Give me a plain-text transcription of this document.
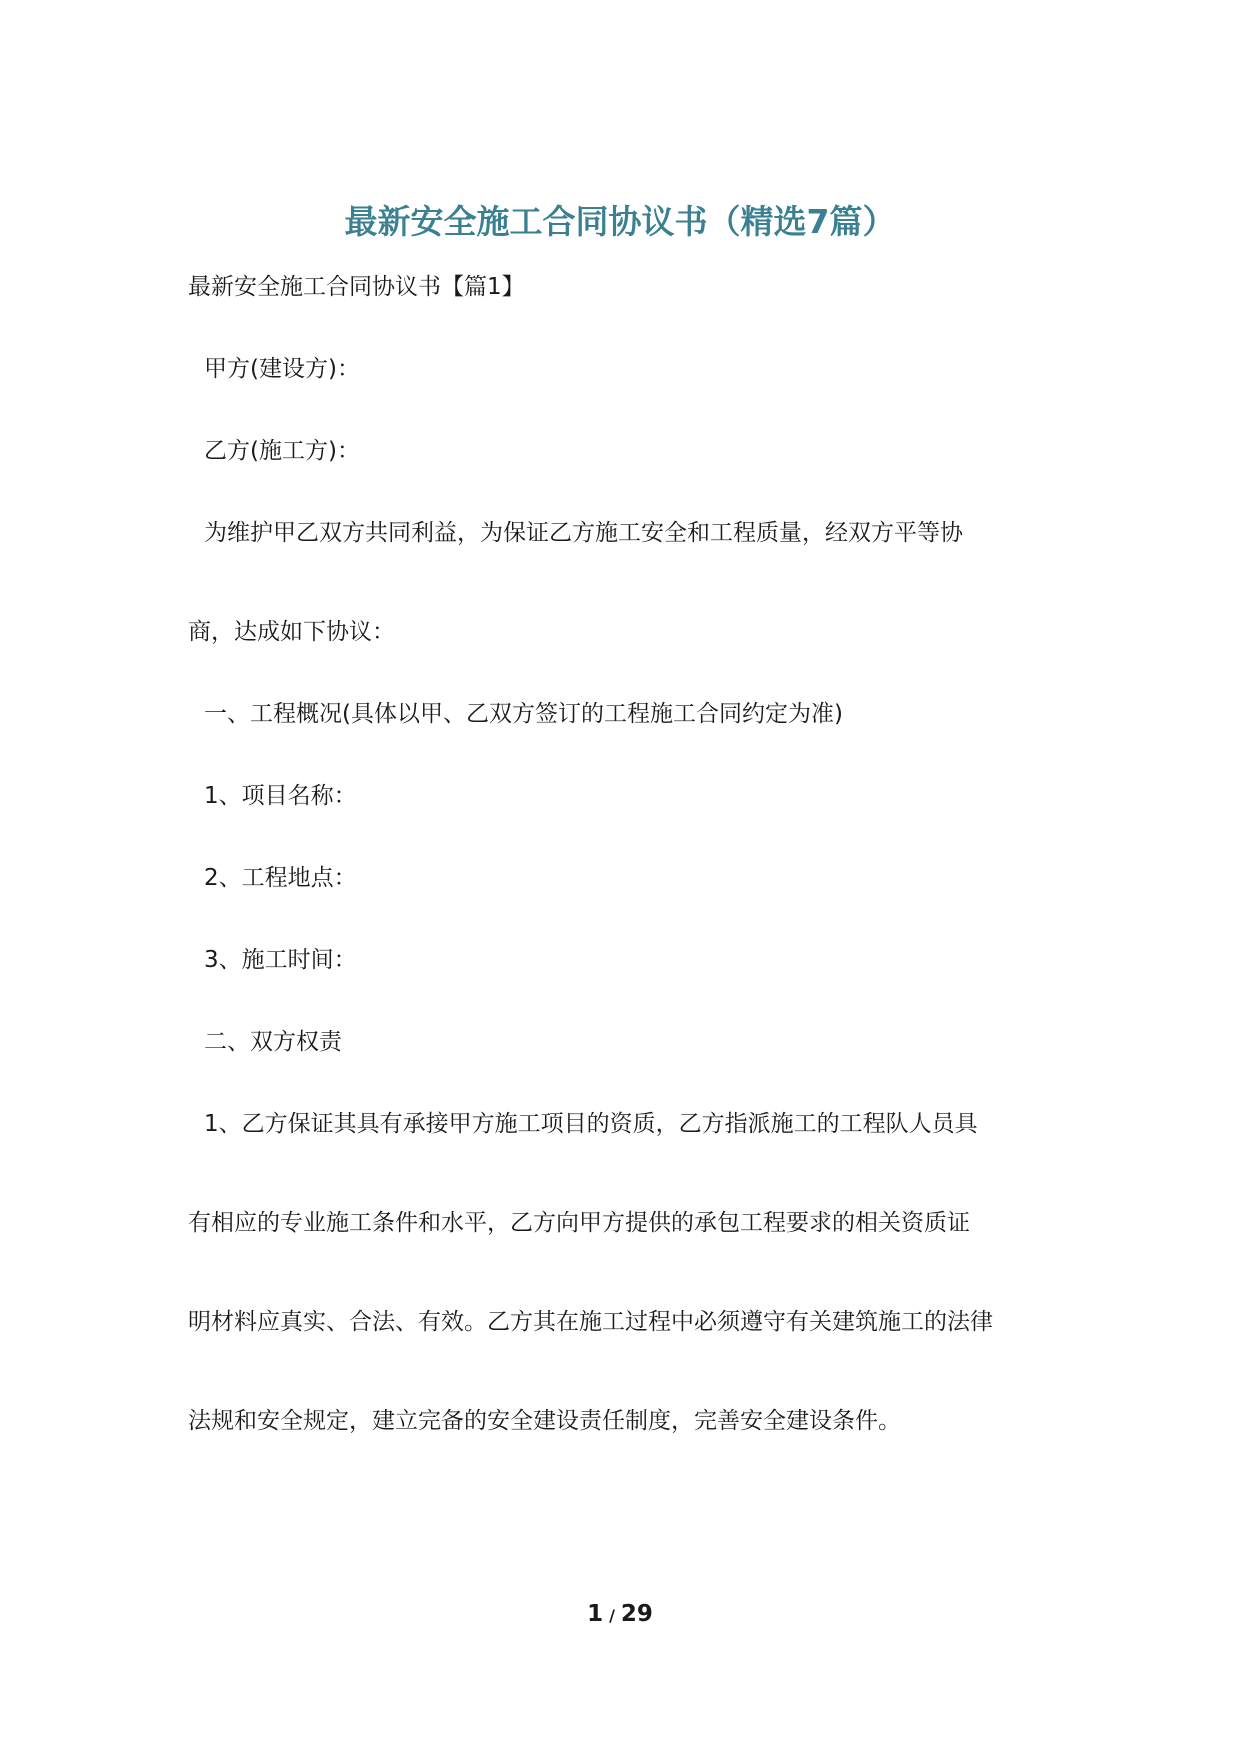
最新安全施工合同协议书（精选7篇）

最新安全施工合同协议书【篇1】

甲方(建设方)：

乙方(施工方)：

为维护甲乙双方共同利益，为保证乙方施工安全和工程质量，经双方平等协

商，达成如下协议：

一、工程概况(具体以甲、乙双方签订的工程施工合同约定为准)

1、项目名称：

2、工程地点：

3、施工时间：

二、双方权责

1、乙方保证其具有承接甲方施工项目的资质，乙方指派施工的工程队人员具

有相应的专业施工条件和水平，乙方向甲方提供的承包工程要求的相关资质证

明材料应真实、合法、有效。乙方其在施工过程中必须遵守有关建筑施工的法律

法规和安全规定，建立完备的安全建设责任制度，完善安全建设条件。

1 / 29
